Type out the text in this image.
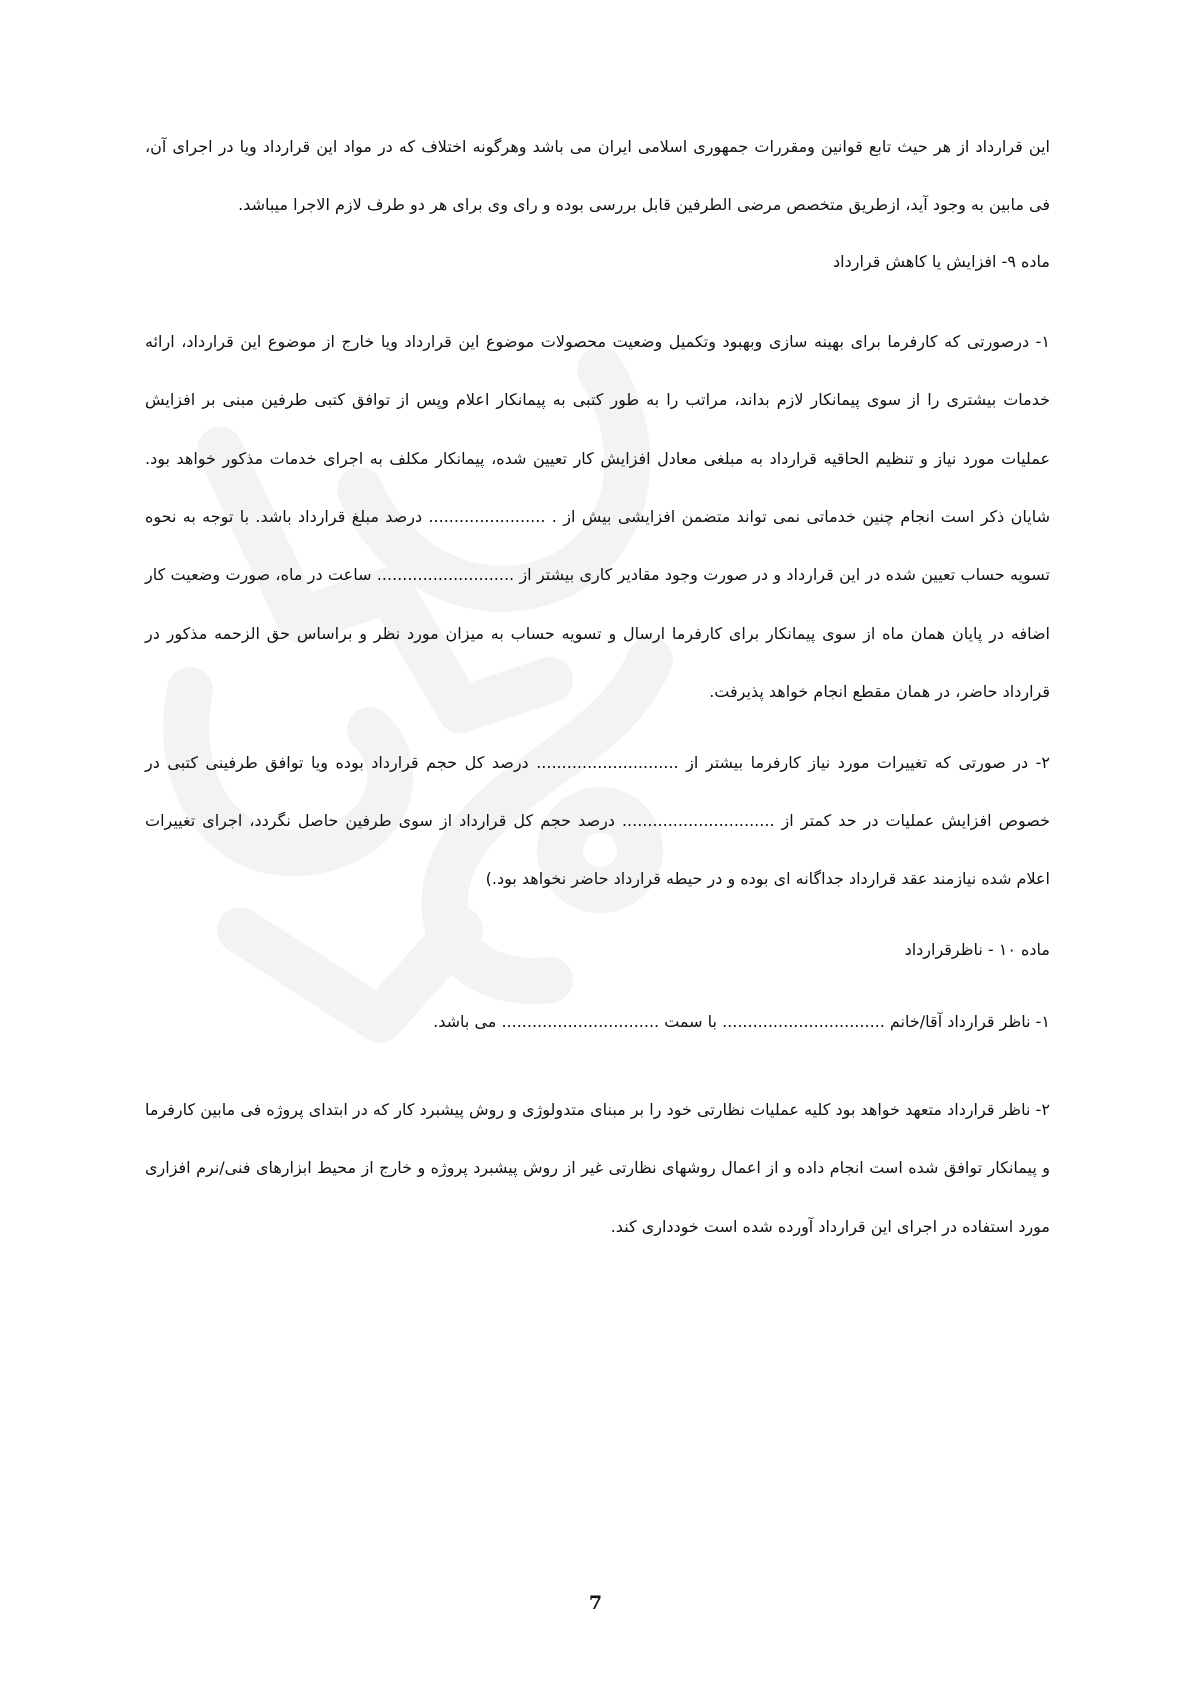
این قرارداد از هر حیث تابع قوانین ومقررات جمهوری اسلامی ایران می باشد وهرگونه اختلاف که در مواد این قرارداد ویا در اجرای آن، فی مابین به وجود آید، ازطریق متخصص مرضی الطرفین قابل بررسی بوده و رای وی برای هر دو طرف لازم الاجرا میباشد.

ماده ۹- افزایش یا کاهش قرارداد

۱- درصورتی که کارفرما برای بهینه سازی وبهبود وتکمیل وضعیت محصولات موضوع این قرارداد ویا خارج از موضوع این قرارداد، ارائه خدمات بیشتری را از سوی پیمانکار لازم بداند، مراتب را به طور کتبی به پیمانکار اعلام وپس از توافق کتبی طرفین مبنی بر افزایش عملیات مورد نیاز و تنظیم الحاقیه قرارداد به مبلغی معادل افزایش کار تعیین شده، پیمانکار مکلف به اجرای خدمات مذکور خواهد بود. شایان ذکر است انجام چنین خدماتی نمی تواند متضمن افزایشی بیش از . ....................... درصد مبلغ قرارداد باشد. با توجه به نحوه تسویه حساب تعیین شده در این قرارداد و در صورت وجود مقادیر کاری بیشتر از ........................... ساعت در ماه، صورت وضعیت کار اضافه در پایان همان ماه از سوی پیمانکار برای کارفرما ارسال و تسویه حساب به میزان مورد نظر و براساس حق الزحمه مذکور در قرارداد حاضر، در همان مقطع انجام خواهد پذیرفت.

۲- در صورتی که تغییرات مورد نیاز کارفرما بیشتر از ............................ درصد کل حجم قرارداد بوده ویا توافق طرفینی کتبی در خصوص افزایش عملیات در حد کمتر از .............................. درصد حجم کل قرارداد از سوی طرفین حاصل نگردد، اجرای تغییرات اعلام شده نیازمند عقد قرارداد جداگانه ای بوده و در حیطه قرارداد حاضر نخواهد بود.)

ماده ۱۰ - ناظرقرارداد

۱- ناظر قرارداد آقا/خانم ................................ با سمت ............................... می باشد.

۲- ناظر قرارداد متعهد خواهد بود کلیه عملیات نظارتی خود را بر مبنای متدولوژی و روش پیشبرد کار که در ابتدای پروژه فی مابین کارفرما و پیمانکار توافق شده است انجام داده و از اعمال روشهای نظارتی غیر از روش پیشبرد پروژه و خارج از محیط ابزارهای فنی/نرم افزاری مورد استفاده در اجرای این قرارداد آورده شده است خودداری کند.

7
